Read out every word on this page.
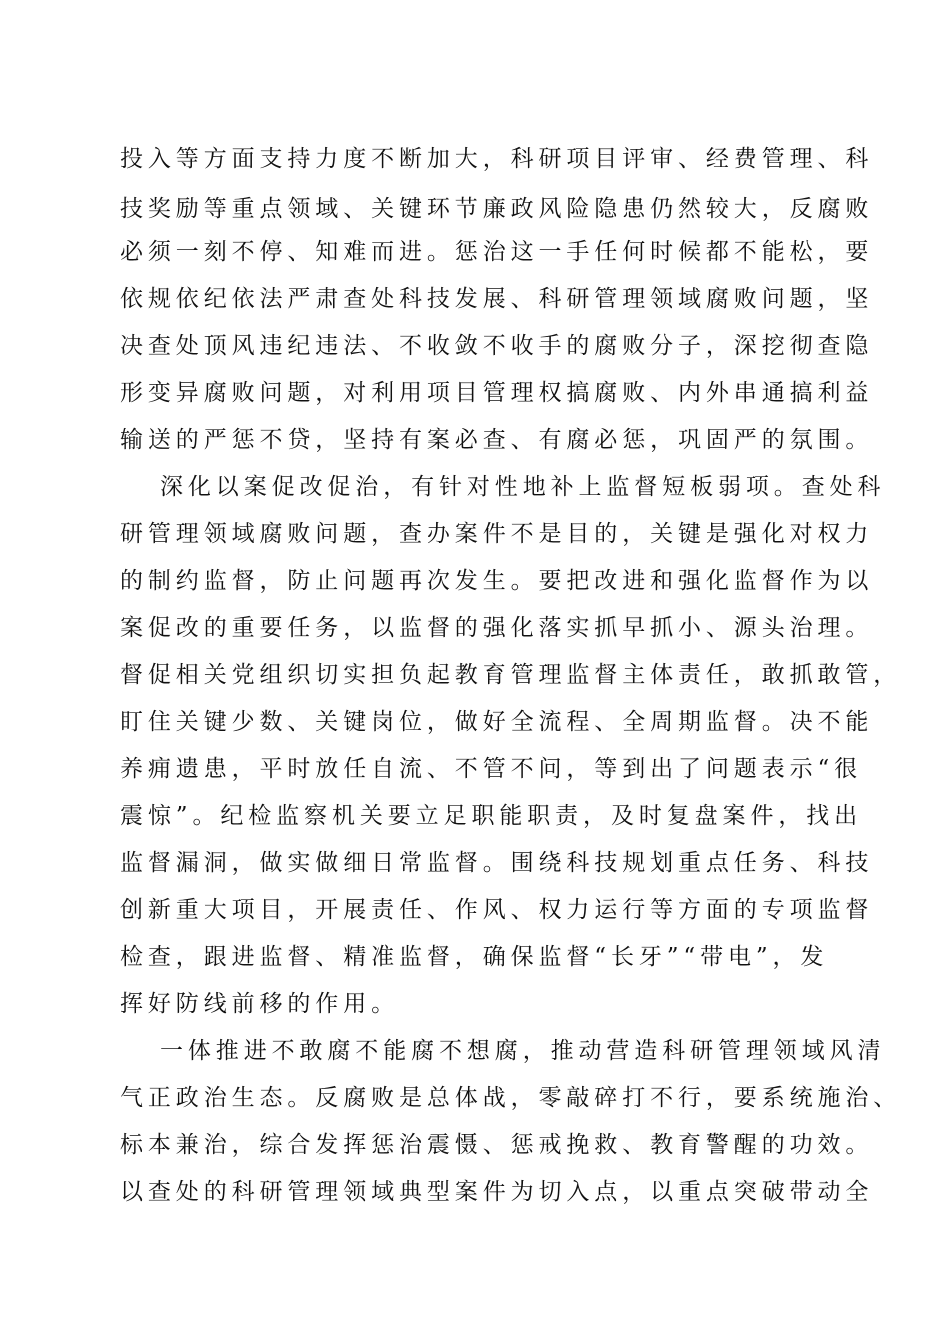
投入等方面支持力度不断加大，科研项目评审、经费管理、科
技奖励等重点领域、关键环节廉政风险隐患仍然较大，反腐败
必须一刻不停、知难而进。惩治这一手任何时候都不能松，要
依规依纪依法严肃查处科技发展、科研管理领域腐败问题，坚
决查处顶风违纪违法、不收敛不收手的腐败分子，深挖彻查隐
形变异腐败问题，对利用项目管理权搞腐败、内外串通搞利益
输送的严惩不贷，坚持有案必查、有腐必惩，巩固严的氛围。
深化以案促改促治，有针对性地补上监督短板弱项。查处科
研管理领域腐败问题，查办案件不是目的，关键是强化对权力
的制约监督，防止问题再次发生。要把改进和强化监督作为以
案促改的重要任务，以监督的强化落实抓早抓小、源头治理。
督促相关党组织切实担负起教育管理监督主体责任，敢抓敢管，
盯住关键少数、关键岗位，做好全流程、全周期监督。决不能
养痈遗患，平时放任自流、不管不问，等到出了问题表示“很
震惊”。纪检监察机关要立足职能职责，及时复盘案件，找出
监督漏洞，做实做细日常监督。围绕科技规划重点任务、科技
创新重大项目，开展责任、作风、权力运行等方面的专项监督
检查，跟进监督、精准监督，确保监督“长牙”“带电”，发
挥好防线前移的作用。
一体推进不敢腐不能腐不想腐，推动营造科研管理领域风清
气正政治生态。反腐败是总体战，零敲碎打不行，要系统施治、
标本兼治，综合发挥惩治震慑、惩戒挽救、教育警醒的功效。
以查处的科研管理领域典型案件为切入点，以重点突破带动全
